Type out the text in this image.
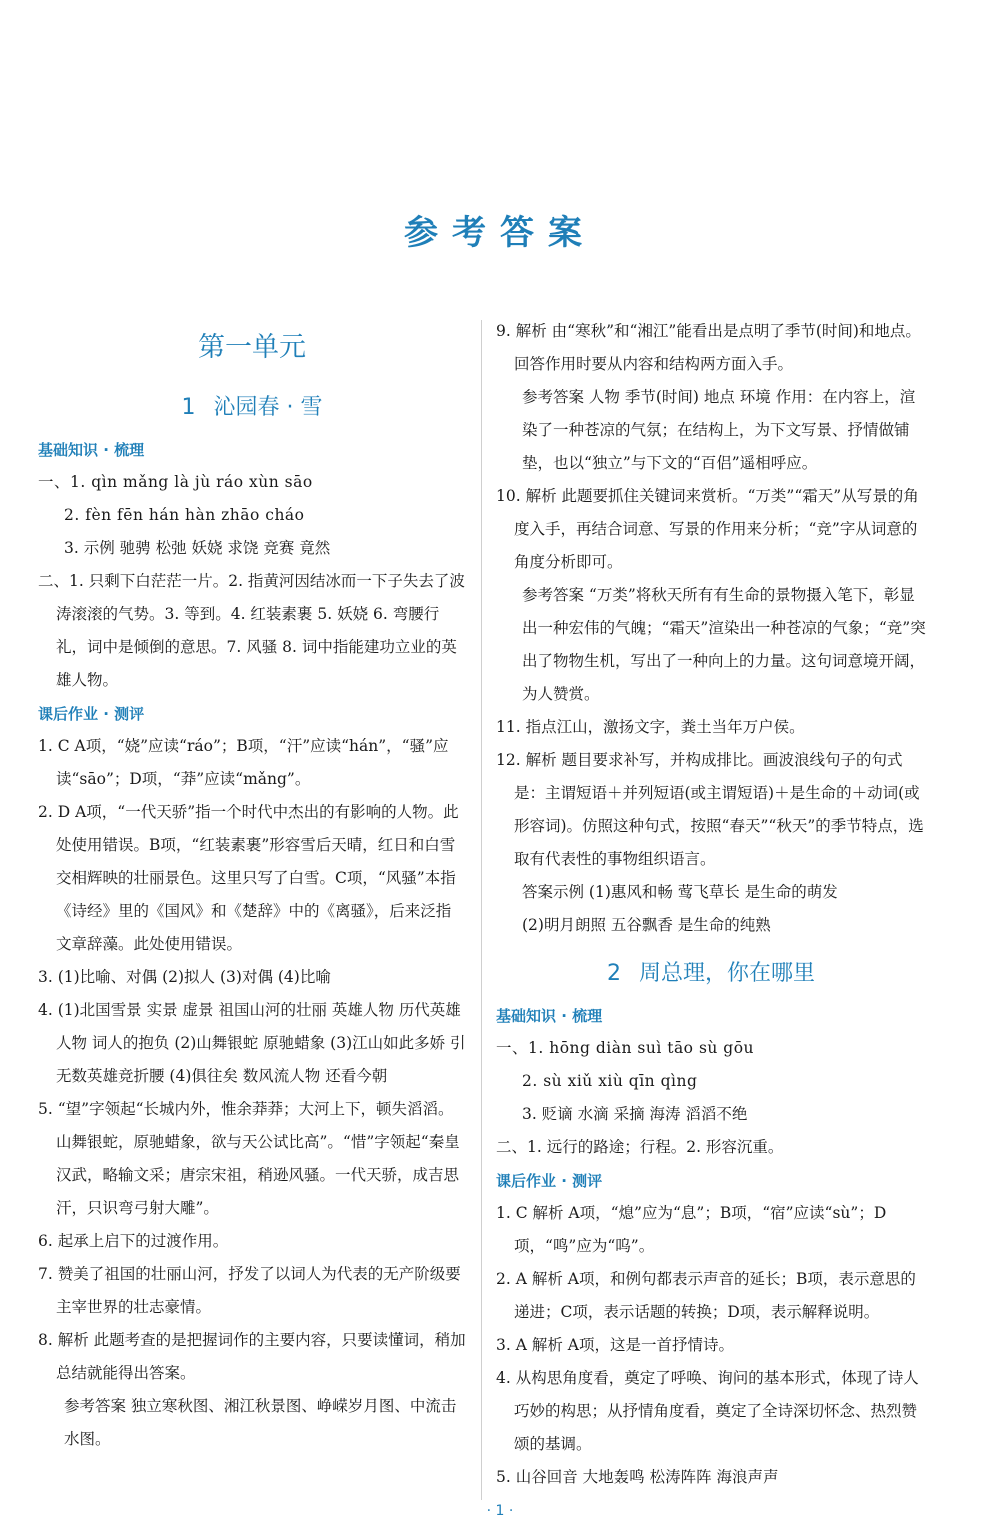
参考答案
第一单元
1 沁园春 · 雪
基础知识 · 梳理
一、1. qìn mǎng là jù ráo xùn sāo
2. fèn fēn hán hàn zhāo cháo
3. 示例 驰骋 松弛 妖娆 求饶 竞赛 竟然
二、1. 只剩下白茫茫一片。2. 指黄河因结冰而一下子失去了波涛滚滚的气势。3. 等到。4. 红装素裹 5. 妖娆 6. 弯腰行礼，词中是倾倒的意思。7. 风骚 8. 词中指能建功立业的英雄人物。
课后作业 · 测评
1. C A项，“娆”应读“ráo”；B项，“汗”应读“hán”，“骚”应读“sāo”；D项，“莽”应读“mǎng”。
2. D A项，“一代天骄”指一个时代中杰出的有影响的人物。此处使用错误。B项，“红装素裹”形容雪后天晴，红日和白雪交相辉映的壮丽景色。这里只写了白雪。C项，“风骚”本指《诗经》里的《国风》和《楚辞》中的《离骚》，后来泛指文章辞藻。此处使用错误。
3. (1)比喻、对偶 (2)拟人 (3)对偶 (4)比喻
4. (1)北国雪景 实景 虚景 祖国山河的壮丽 英雄人物 历代英雄人物 词人的抱负 (2)山舞银蛇 原驰蜡象 (3)江山如此多娇 引无数英雄竞折腰 (4)俱往矣 数风流人物 还看今朝
5. “望”字领起“长城内外，惟余莽莽；大河上下，顿失滔滔。山舞银蛇，原驰蜡象，欲与天公试比高”。“惜”字领起“秦皇汉武，略输文采；唐宗宋祖，稍逊风骚。一代天骄，成吉思汗，只识弯弓射大雕”。
6. 起承上启下的过渡作用。
7. 赞美了祖国的壮丽山河，抒发了以词人为代表的无产阶级要主宰世界的壮志豪情。
8. 解析 此题考查的是把握词作的主要内容，只要读懂词，稍加总结就能得出答案。
参考答案 独立寒秋图、湘江秋景图、峥嵘岁月图、中流击水图。
9. 解析 由“寒秋”和“湘江”能看出是点明了季节(时间)和地点。回答作用时要从内容和结构两方面入手。
参考答案 人物 季节(时间) 地点 环境 作用：在内容上，渲染了一种苍凉的气氛；在结构上，为下文写景、抒情做铺垫，也以“独立”与下文的“百侣”遥相呼应。
10. 解析 此题要抓住关键词来赏析。“万类”“霜天”从写景的角度入手，再结合词意、写景的作用来分析；“竞”字从词意的角度分析即可。
参考答案 “万类”将秋天所有有生命的景物摄入笔下，彰显出一种宏伟的气魄；“霜天”渲染出一种苍凉的气象；“竞”突出了物物生机，写出了一种向上的力量。这句词意境开阔，为人赞赏。
11. 指点江山，激扬文字，粪土当年万户侯。
12. 解析 题目要求补写，并构成排比。画波浪线句子的句式是：主谓短语＋并列短语(或主谓短语)＋是生命的＋动词(或形容词)。仿照这种句式，按照“春天”“秋天”的季节特点，选取有代表性的事物组织语言。
答案示例 (1)惠风和畅 莺飞草长 是生命的萌发
(2)明月朗照 五谷飘香 是生命的纯熟
2 周总理，你在哪里
基础知识 · 梳理
一、1. hōng diàn suì tāo sù gōu
2. sù xiǔ xiù qīn qìng
3. 贬谪 水滴 采摘 海涛 滔滔不绝
二、1. 远行的路途；行程。2. 形容沉重。
课后作业 · 测评
1. C 解析 A项，“熄”应为“息”；B项，“宿”应读“sù”；D项，“鸣”应为“呜”。
2. A 解析 A项，和例句都表示声音的延长；B项，表示意思的递进；C项，表示话题的转换；D项，表示解释说明。
3. A 解析 A项，这是一首抒情诗。
4. 从构思角度看，奠定了呼唤、询问的基本形式，体现了诗人巧妙的构思；从抒情角度看，奠定了全诗深切怀念、热烈赞颂的基调。
5. 山谷回音 大地轰鸣 松涛阵阵 海浪声声
· 1 ·
